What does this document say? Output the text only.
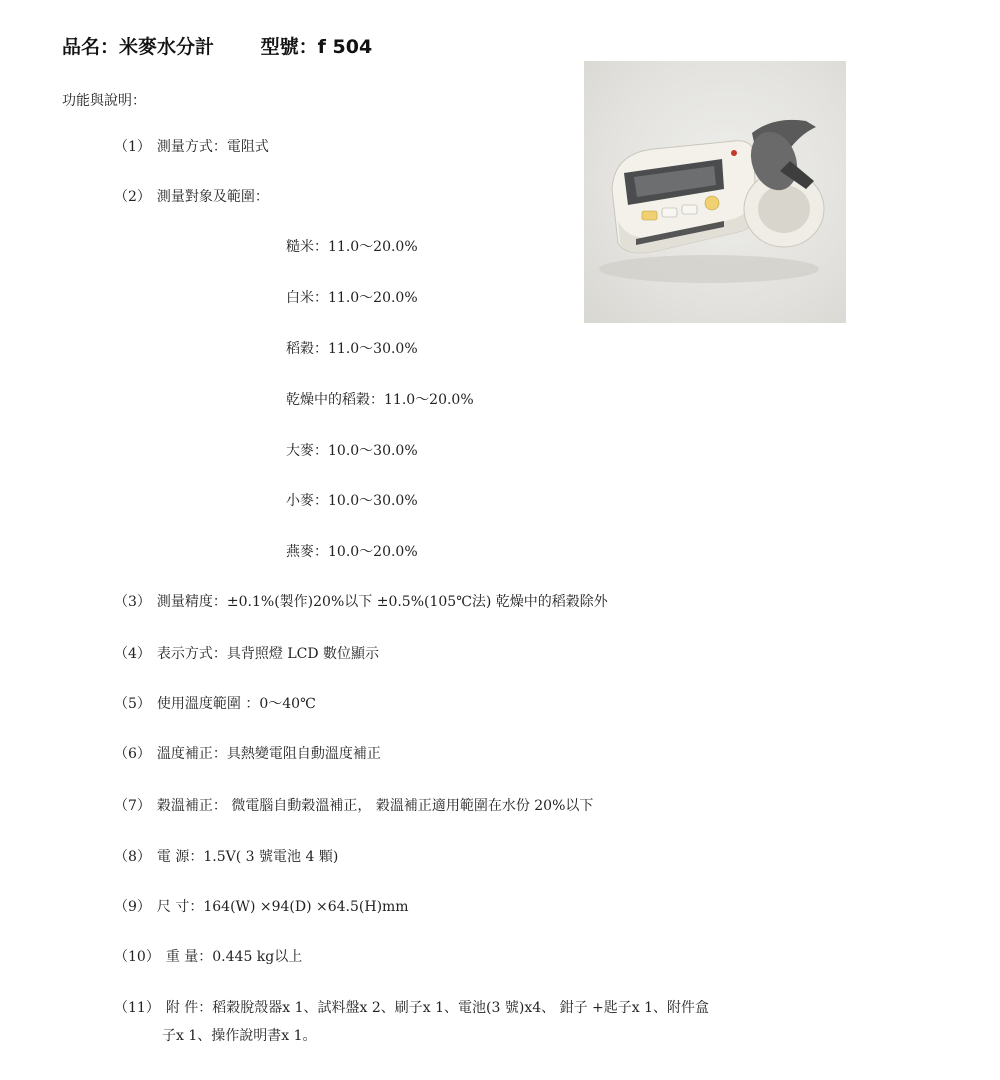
品名：米麥水分計 型號：f 504
功能與說明：
（1） 測量方式：電阻式
（2） 測量對象及範圍：
糙米：11.0～20.0%
白米：11.0～20.0%
稻穀：11.0～30.0%
乾燥中的稻穀：11.0～20.0%
大麥：10.0～30.0%
小麥：10.0～30.0%
燕麥：10.0～20.0%
（3） 測量精度：±0.1%(製作)20%以下 ±0.5%(105℃法) 乾燥中的稻穀除外
（4） 表示方式：具背照燈 LCD 數位顯示
（5） 使用溫度範圍 ：0～40℃
（6） 溫度補正：具熱變電阻自動溫度補正
（7） 穀溫補正： 微電腦自動穀溫補正， 穀溫補正適用範圍在水份 20%以下
（8） 電 源：1.5V( 3 號電池 4 顆)
（9） 尺 寸：164(W) ×94(D) ×64.5(H)mm
（10） 重 量：0.445 kg以上
（11） 附 件：稻穀脫殼器x 1、試料盤x 2、刷子x 1、電池(3 號)x4、 鉗子 +匙子x 1、附件盒
子x 1、操作說明書x 1。
